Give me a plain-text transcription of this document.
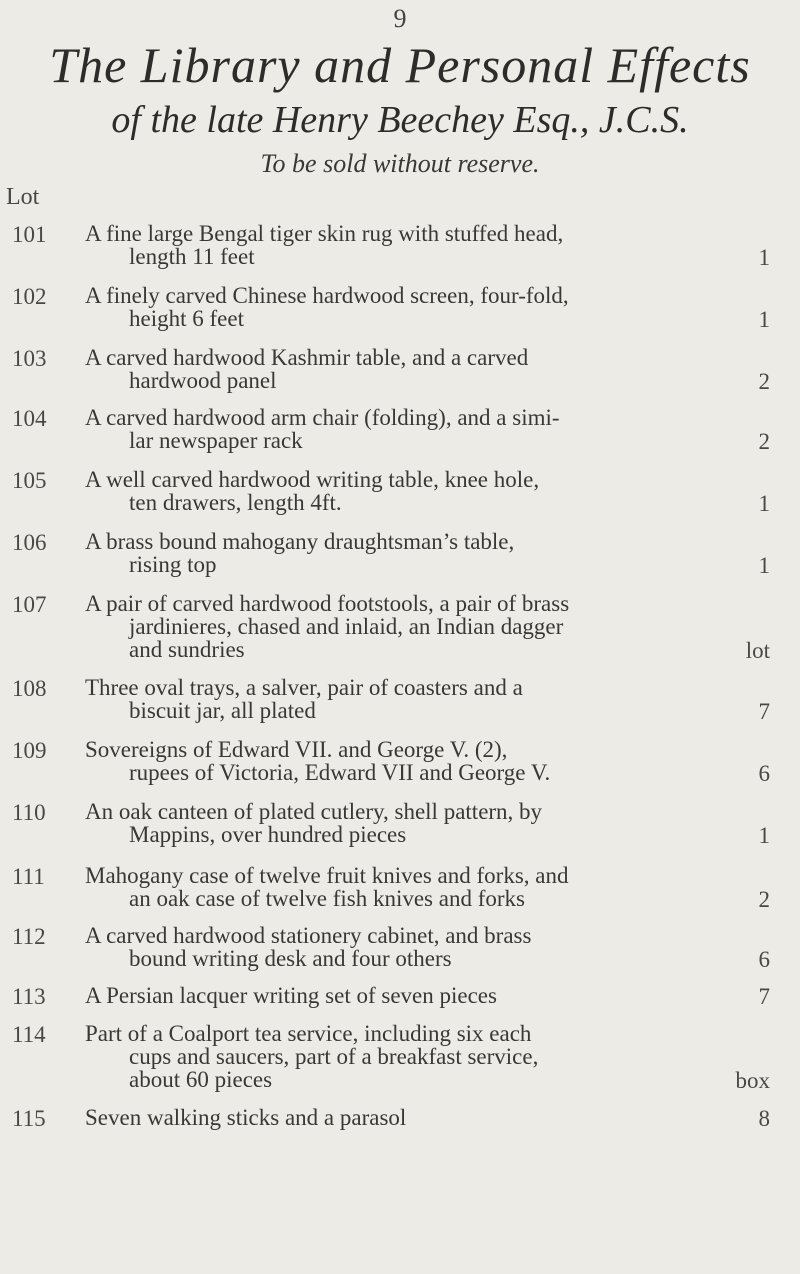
9
The Library and Personal Effects
of the late Henry Beechey Esq., J.C.S.
To be sold without reserve.
Lot
101	A fine large Bengal tiger skin rug with stuffed head,
length 11 feet	1
102	A finely carved Chinese hardwood screen, four-fold,
height 6 feet	1
103	A carved hardwood Kashmir table, and a carved
hardwood panel	2
104	A carved hardwood arm chair (folding), and a simi-
lar newspaper rack	2
105	A well carved hardwood writing table, knee hole,
ten drawers, length 4ft.	1
106	A brass bound mahogany draughtsman’s table,
rising top	1
107	A pair of carved hardwood footstools, a pair of brass
jardinieres, chased and inlaid, an Indian dagger
and sundries	lot
108	Three oval trays, a salver, pair of coasters and a
biscuit jar, all plated	7
109	Sovereigns of Edward VII. and George V. (2),
rupees of Victoria, Edward VII and George V.	6
110	An oak canteen of plated cutlery, shell pattern, by
Mappins, over hundred pieces	1
111	Mahogany case of twelve fruit knives and forks, and
an oak case of twelve fish knives and forks	2
112	A carved hardwood stationery cabinet, and brass
bound writing desk and four others	6
113	A Persian lacquer writing set of seven pieces	7
114	Part of a Coalport tea service, including six each
cups and saucers, part of a breakfast service,
about 60 pieces	box
115	Seven walking sticks and a parasol	8
